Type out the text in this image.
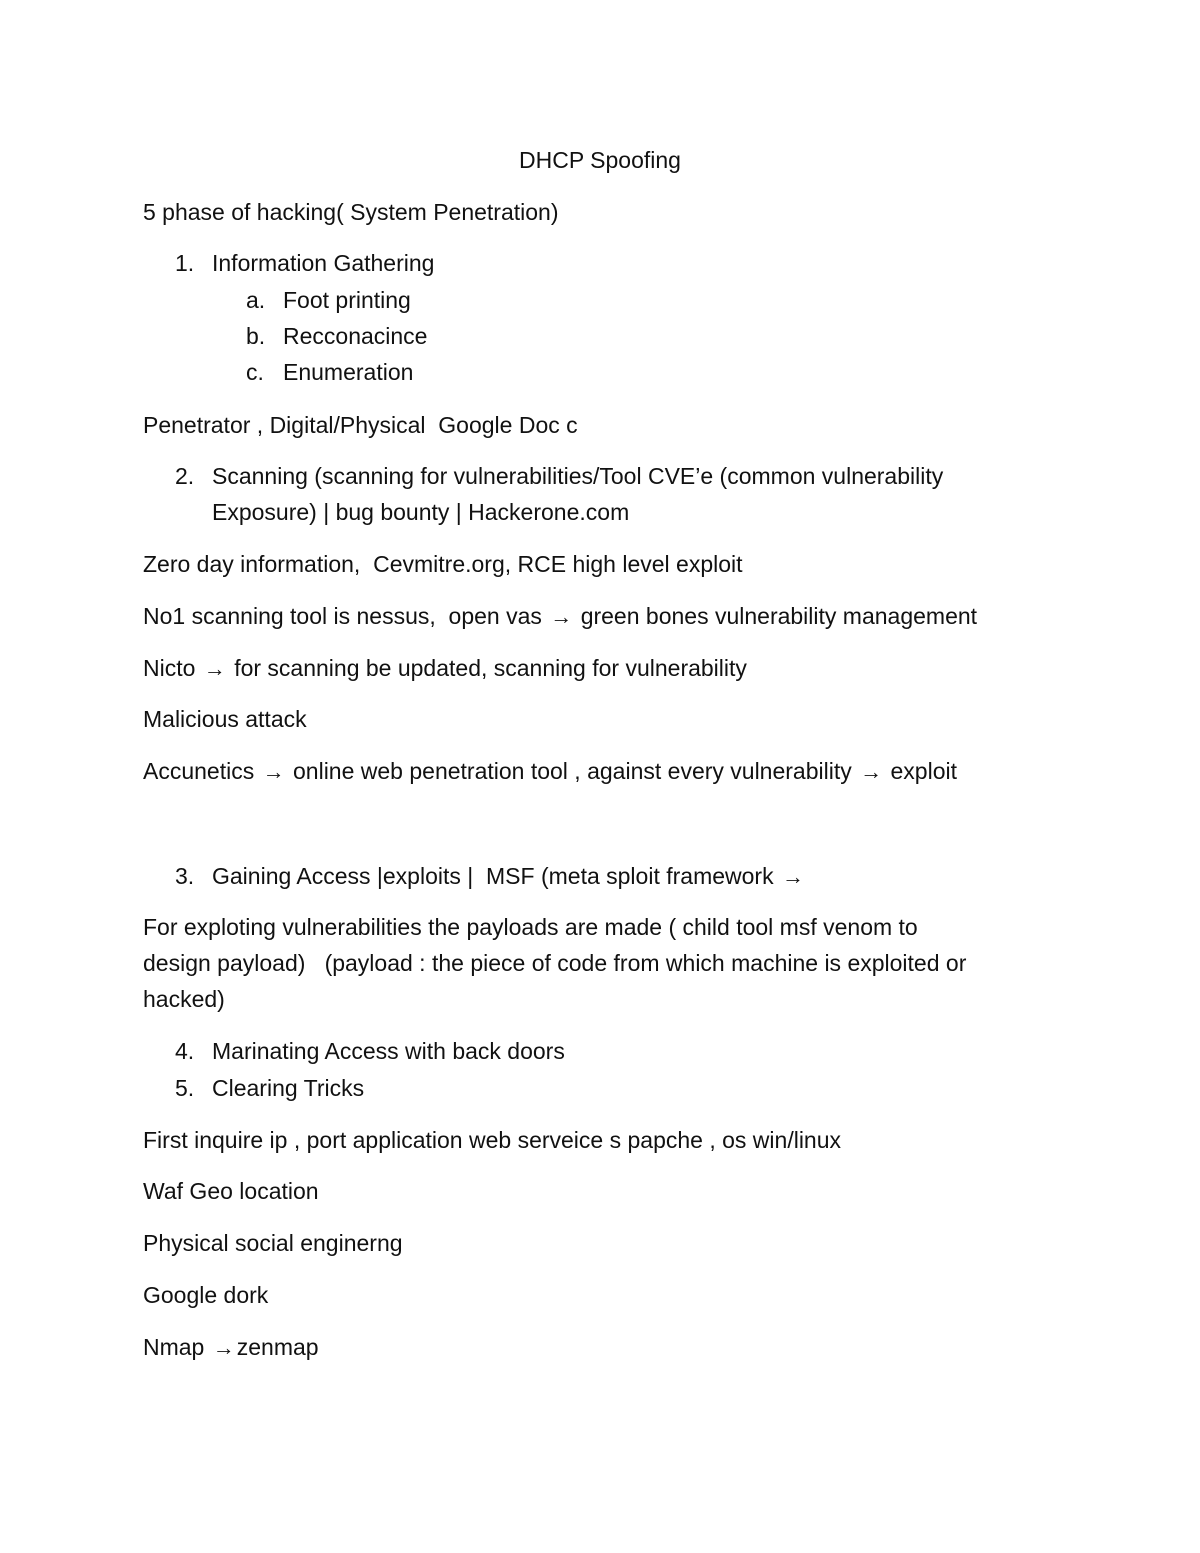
DHCP Spoofing
5 phase of hacking( System Penetration)
1. Information Gathering
a. Foot printing
b. Recconacince
c. Enumeration
Penetrator , Digital/Physical  Google Doc c
2. Scanning (scanning for vulnerabilities/Tool CVE’e (common vulnerability
Exposure) | bug bounty | Hackerone.com
Zero day information,  Cevmitre.org, RCE high level exploit
No1 scanning tool is nessus,  open vas → green bones vulnerability management
Nicto → for scanning be updated, scanning for vulnerability
Malicious attack
Accunetics → online web penetration tool , against every vulnerability → exploit
3. Gaining Access |exploits |  MSF (meta sploit framework →
For exploting vulnerabilities the payloads are made ( child tool msf venom to
design payload)   (payload : the piece of code from which machine is exploited or
hacked)
4. Marinating Access with back doors
5. Clearing Tricks
First inquire ip , port application web serveice s papche , os win/linux
Waf Geo location
Physical social enginerng
Google dork
Nmap →zenmap
